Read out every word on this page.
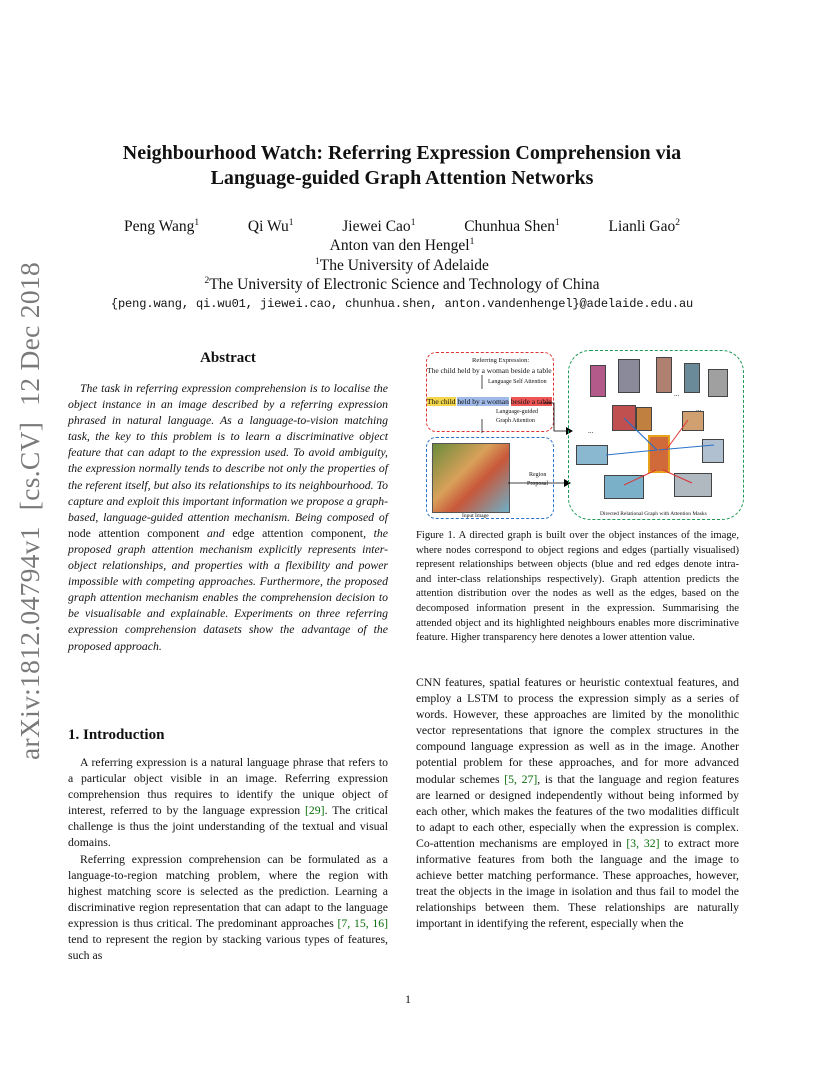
arXiv:1812.04794v1
[cs.CV]
12 Dec 2018
Neighbourhood Watch: Referring Expression Comprehension via
Language-guided Graph Attention Networks
Peng Wang$^1$	Qi Wu$^1$	Jiewei Cao$^1$	Chunhua Shen$^1$	Lianli Gao$^2$
Anton van den Hengel$^1$
$^1$The University of Adelaide
$^2$The University of Electronic Science and Technology of China
{peng.wang, qi.wu01, jiewei.cao, chunhua.shen, anton.vandenhengel}@adelaide.edu.au
Abstract
The task in referring expression comprehension is to localise the object instance in an image described by a referring expression phrased in natural language. As a language-to-vision matching task, the key to this problem is to learn a discriminative object feature that can adapt to the expression used. To avoid ambiguity, the expression normally tends to describe not only the properties of the referent itself, but also its relationships to its neighbourhood. To capture and exploit this important information we propose a graph-based, language-guided attention mechanism. Being composed of node attention component and edge attention component, the proposed graph attention mechanism explicitly represents inter-object relationships, and properties with a flexibility and power impossible with competing approaches. Furthermore, the proposed graph attention mechanism enables the comprehension decision to be visualisable and explainable. Experiments on three referring expression comprehension datasets show the advantage of the proposed approach.
1. Introduction

A referring expression is a natural language phrase that refers to a particular object visible in an image. Referring expression comprehension thus requires to identify the unique object of interest, referred to by the language expression [29]. The critical challenge is thus the joint understanding of the textual and visual domains.

Referring expression comprehension can be formulated as a language-to-region matching problem, where the region with highest matching score is selected as the prediction. Learning a discriminative region representation that can adapt to the language expression is thus critical. The predominant approaches [7, 15, 16] tend to represent the region by stacking various types of features, such as

Referring Expression:
The child held by a woman beside a table
Language Self Attention
The child held by a woman beside a table
Language-guided
Graph Attention
Input Image
Region
Proposal
...
...
...
Directed Relational Graph with Attention Masks
Figure 1. A directed graph is built over the object instances of the image, where nodes correspond to object regions and edges (partially visualised) represent relationships between objects (blue and red edges denote intra- and inter-class relationships respectively). Graph attention predicts the attention distribution over the nodes as well as the edges, based on the decomposed information present in the expression. Summarising the attended object and its highlighted neighbours enables more discriminative feature. Higher transparency here denotes a lower attention value.

CNN features, spatial features or heuristic contextual features, and employ a LSTM to process the expression simply as a series of words. However, these approaches are limited by the monolithic vector representations that ignore the complex structures in the compound language expression as well as in the image. Another potential problem for these approaches, and for more advanced modular schemes [5, 27], is that the language and region features are learned or designed independently without being informed by each other, which makes the features of the two modalities difficult to adapt to each other, especially when the expression is complex. Co-attention mechanisms are employed in [3, 32] to extract more informative features from both the language and the image to achieve better matching performance. These approaches, however, treat the objects in the image in isolation and thus fail to model the relationships between them. These relationships are naturally important in identifying the referent, especially when the

1
